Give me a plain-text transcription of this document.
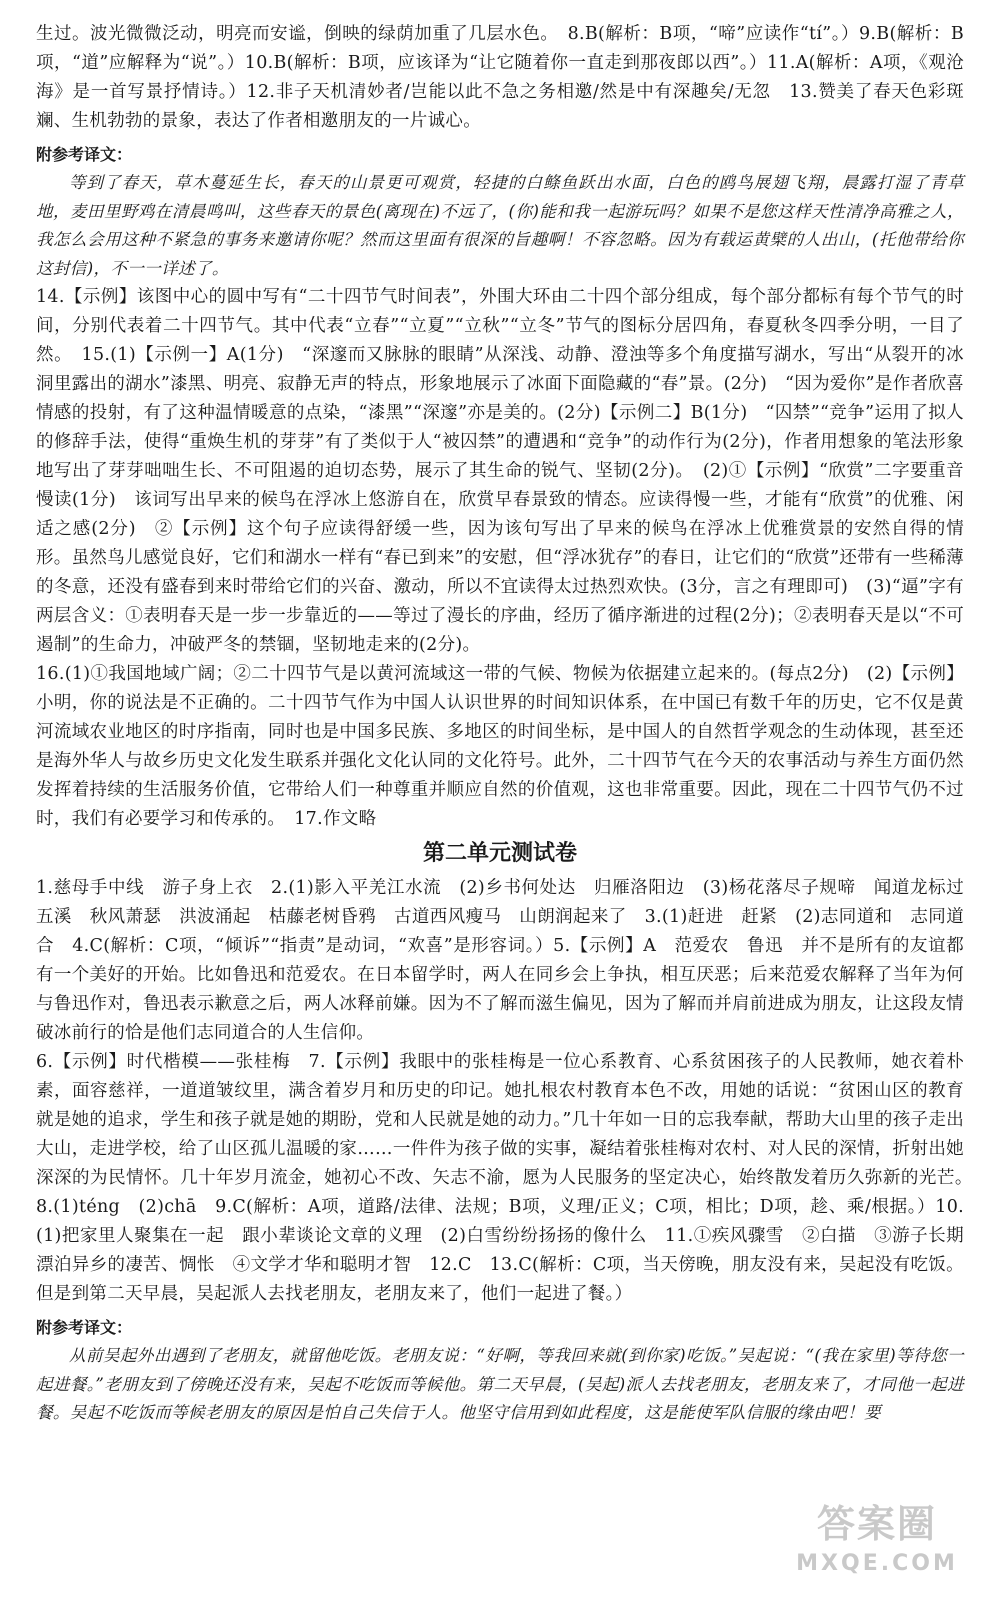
生过。波光微微泛动，明亮而安谧，倒映的绿荫加重了几层水色。　8.B(解析：B项，“啼”应读作“tí”。）9.B(解析：B项，“道”应解释为“说”。）10.B(解析：B项，应该译为“让它随着你一直走到那夜郎以西”。）11.A(解析：A项，《观沧海》是一首写景抒情诗。）12.非子天机清妙者/岂能以此不急之务相邀/然是中有深趣矣/无忽　13.赞美了春天色彩斑斓、生机勃勃的景象，表达了作者相邀朋友的一片诚心。

附参考译文：

等到了春天，草木蔓延生长，春天的山景更可观赏，轻捷的白鲦鱼跃出水面，白色的鸥鸟展翅飞翔，晨露打湿了青草地，麦田里野鸡在清晨鸣叫，这些春天的景色(离现在)不远了，(你)能和我一起游玩吗？如果不是您这样天性清净高雅之人，我怎么会用这种不紧急的事务来邀请你呢？然而这里面有很深的旨趣啊！不容忽略。因为有载运黄檗的人出山，(托他带给你这封信)，不一一详述了。

14.【示例】该图中心的圆中写有“二十四节气时间表”，外围大环由二十四个部分组成，每个部分都标有每个节气的时间，分别代表着二十四节气。其中代表“立春”“立夏”“立秋”“立冬”节气的图标分居四角，春夏秋冬四季分明，一目了然。　15.(1)【示例一】A(1分)　“深邃而又脉脉的眼睛”从深浅、动静、澄浊等多个角度描写湖水，写出“从裂开的冰洞里露出的湖水”漆黑、明亮、寂静无声的特点，形象地展示了冰面下面隐藏的“春”景。(2分)　“因为爱你”是作者欣喜情感的投射，有了这种温情暖意的点染，“漆黑”“深邃”亦是美的。(2分)【示例二】B(1分)　“囚禁”“竞争”运用了拟人的修辞手法，使得“重焕生机的芽芽”有了类似于人“被囚禁”的遭遇和“竞争”的动作行为(2分)，作者用想象的笔法形象地写出了芽芽咄咄生长、不可阻遏的迫切态势，展示了其生命的锐气、坚韧(2分)。　(2)①【示例】“欣赏”二字要重音慢读(1分)　该词写出早来的候鸟在浮冰上悠游自在，欣赏早春景致的情态。应读得慢一些，才能有“欣赏”的优雅、闲适之感(2分)　②【示例】这个句子应读得舒缓一些，因为该句写出了早来的候鸟在浮冰上优雅赏景的安然自得的情形。虽然鸟儿感觉良好，它们和湖水一样有“春已到来”的安慰，但“浮冰犹存”的春日，让它们的“欣赏”还带有一些稀薄的冬意，还没有盛春到来时带给它们的兴奋、激动，所以不宜读得太过热烈欢快。(3分，言之有理即可)　(3)“逼”字有两层含义：①表明春天是一步一步靠近的——等过了漫长的序曲，经历了循序渐进的过程(2分)；②表明春天是以“不可遏制”的生命力，冲破严冬的禁锢，坚韧地走来的(2分)。

16.(1)①我国地域广阔；②二十四节气是以黄河流域这一带的气候、物候为依据建立起来的。(每点2分)　(2)【示例】小明，你的说法是不正确的。二十四节气作为中国人认识世界的时间知识体系，在中国已有数千年的历史，它不仅是黄河流域农业地区的时序指南，同时也是中国多民族、多地区的时间坐标，是中国人的自然哲学观念的生动体现，甚至还是海外华人与故乡历史文化发生联系并强化文化认同的文化符号。此外，二十四节气在今天的农事活动与养生方面仍然发挥着持续的生活服务价值，它带给人们一种尊重并顺应自然的价值观，这也非常重要。因此，现在二十四节气仍不过时，我们有必要学习和传承的。　17.作文略

第二单元测试卷

1.慈母手中线　游子身上衣　2.(1)影入平羌江水流　(2)乡书何处达　归雁洛阳边　(3)杨花落尽子规啼　闻道龙标过五溪　秋风萧瑟　洪波涌起　枯藤老树昏鸦　古道西风瘦马　山朗润起来了　3.(1)赶进　赶紧　(2)志同道和　志同道合　4.C(解析：C项，“倾诉”“指责”是动词，“欢喜”是形容词。）5.【示例】A　范爱农　鲁迅　并不是所有的友谊都有一个美好的开始。比如鲁迅和范爱农。在日本留学时，两人在同乡会上争执，相互厌恶；后来范爱农解释了当年为何与鲁迅作对，鲁迅表示歉意之后，两人冰释前嫌。因为不了解而滋生偏见，因为了解而并肩前进成为朋友，让这段友情破冰前行的恰是他们志同道合的人生信仰。

6.【示例】时代楷模——张桂梅　7.【示例】我眼中的张桂梅是一位心系教育、心系贫困孩子的人民教师，她衣着朴素，面容慈祥，一道道皱纹里，满含着岁月和历史的印记。她扎根农村教育本色不改，用她的话说：“贫困山区的教育就是她的追求，学生和孩子就是她的期盼，党和人民就是她的动力。”几十年如一日的忘我奉献，帮助大山里的孩子走出大山，走进学校，给了山区孤儿温暖的家……一件件为孩子做的实事，凝结着张桂梅对农村、对人民的深情，折射出她深深的为民情怀。几十年岁月流金，她初心不改、矢志不渝，愿为人民服务的坚定决心，始终散发着历久弥新的光芒。　8.(1)téng　(2)chā　9.C(解析：A项，道路/法律、法规；B项，义理/正义；C项，相比；D项，趁、乘/根据。）10.(1)把家里人聚集在一起　跟小辈谈论文章的义理　(2)白雪纷纷扬扬的像什么　11.①疾风骤雪　②白描　③游子长期漂泊异乡的凄苦、惆怅　④文学才华和聪明才智　12.C　13.C(解析：C项，当天傍晚，朋友没有来，吴起没有吃饭。但是到第二天早晨，吴起派人去找老朋友，老朋友来了，他们一起进了餐。）

附参考译文：

从前吴起外出遇到了老朋友，就留他吃饭。老朋友说：“好啊，等我回来就(到你家)吃饭。”吴起说：“(我在家里)等待您一起进餐。”老朋友到了傍晚还没有来，吴起不吃饭而等候他。第二天早晨，(吴起)派人去找老朋友，老朋友来了，才同他一起进餐。吴起不吃饭而等候老朋友的原因是怕自己失信于人。他坚守信用到如此程度，这是能使军队信服的缘由吧！要

答案圈
MXQE.COM
